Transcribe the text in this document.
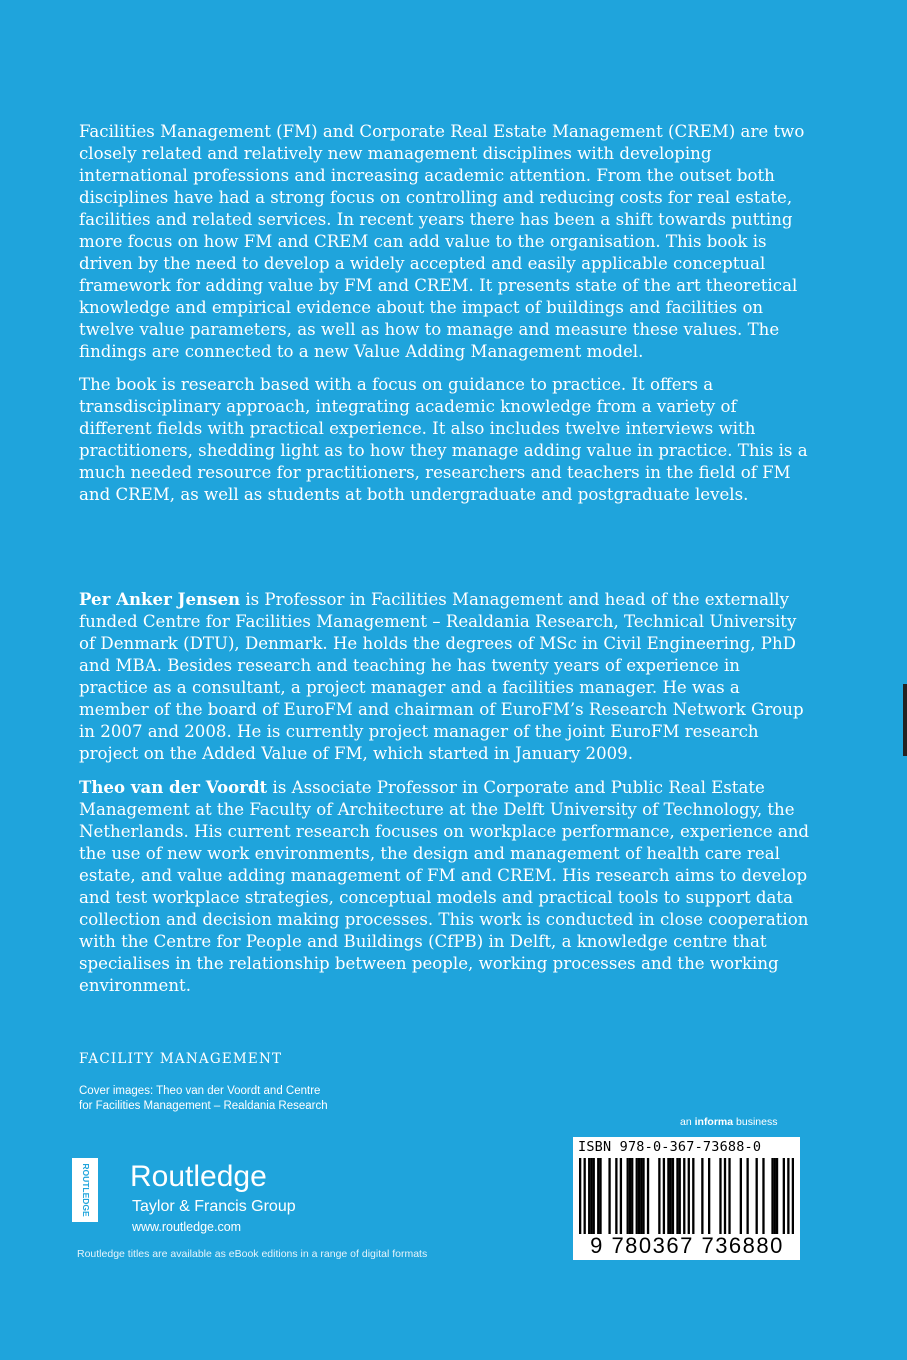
Facilities Management (FM) and Corporate Real Estate Management (CREM) are two closely related and relatively new management disciplines with developing international professions and increasing academic attention. From the outset both disciplines have had a strong focus on controlling and reducing costs for real estate, facilities and related services. In recent years there has been a shift towards putting more focus on how FM and CREM can add value to the organisation. This book is driven by the need to develop a widely accepted and easily applicable conceptual framework for adding value by FM and CREM. It presents state of the art theoretical knowledge and empirical evidence about the impact of buildings and facilities on twelve value parameters, as well as how to manage and measure these values. The findings are connected to a new Value Adding Management model.

The book is research based with a focus on guidance to practice. It offers a transdisciplinary approach, integrating academic knowledge from a variety of different fields with practical experience. It also includes twelve interviews with practitioners, shedding light as to how they manage adding value in practice. This is a much needed resource for practitioners, researchers and teachers in the field of FM and CREM, as well as students at both undergraduate and postgraduate levels.

Per Anker Jensen is Professor in Facilities Management and head of the externally funded Centre for Facilities Management – Realdania Research, Technical University of Denmark (DTU), Denmark. He holds the degrees of MSc in Civil Engineering, PhD and MBA. Besides research and teaching he has twenty years of experience in practice as a consultant, a project manager and a facilities manager. He was a member of the board of EuroFM and chairman of EuroFM’s Research Network Group in 2007 and 2008. He is currently project manager of the joint EuroFM research project on the Added Value of FM, which started in January 2009.

Theo van der Voordt is Associate Professor in Corporate and Public Real Estate Management at the Faculty of Architecture at the Delft University of Technology, the Netherlands. His current research focuses on workplace performance, experience and the use of new work environments, the design and management of health care real estate, and value adding management of FM and CREM. His research aims to develop and test workplace strategies, conceptual models and practical tools to support data collection and decision making processes. This work is conducted in close cooperation with the Centre for People and Buildings (CfPB) in Delft, a knowledge centre that specialises in the relationship between people, working processes and the working environment.

FACILITY MANAGEMENT
Cover images: Theo van der Voordt and Centre
for Facilities Management – Realdania Research
an informa business
ROUTLEDGE Routledge
Taylor & Francis Group
www.routledge.com
Routledge titles are available as eBook editions in a range of digital formats
ISBN 978-0-367-73688-0
9 780367 736880
